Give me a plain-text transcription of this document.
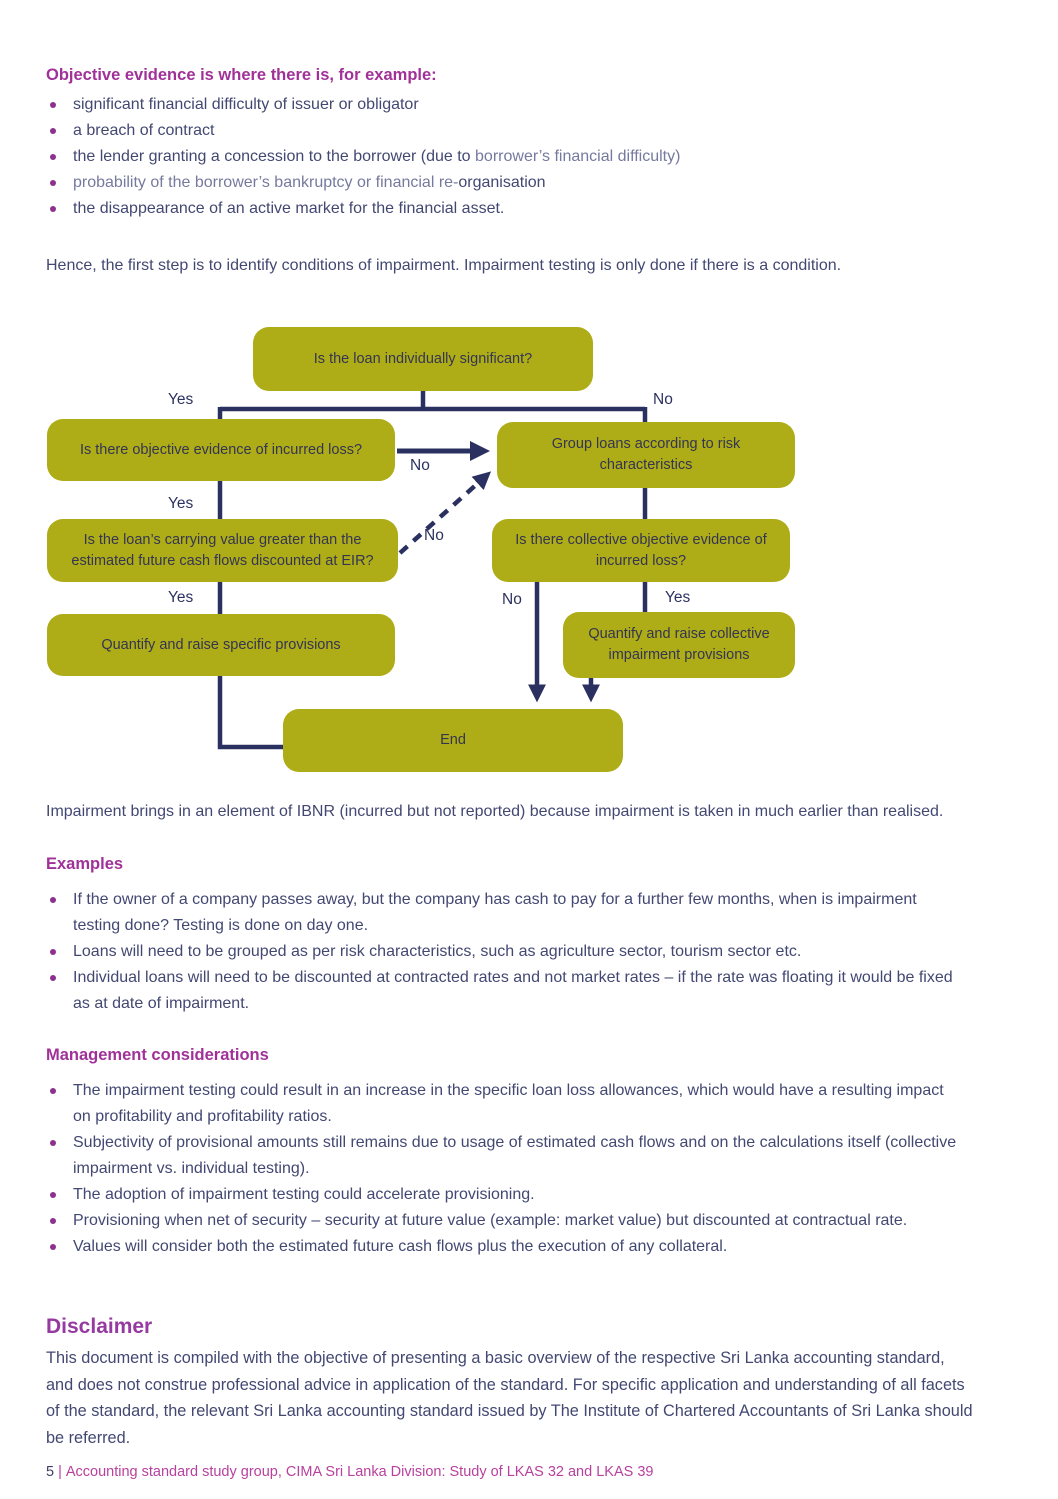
Objective evidence is where there is, for example:
significant financial difficulty of issuer or obligator
a breach of contract
the lender granting a concession to the borrower (due to borrower’s financial difficulty)
probability of the borrower’s bankruptcy or financial re-organisation
the disappearance of an active market for the financial asset.

Hence, the first step is to identify conditions of impairment. Impairment testing is only done if there is a condition.

Is the loan individually significant?
Is there objective evidence of incurred loss?	Group loans according to risk characteristics
Is the loan’s carrying value greater than the estimated future cash flows discounted at EIR?
Is there collective objective evidence of incurred loss?
Quantify and raise specific provisions
Quantify and raise collective impairment provisions
End
Yes	No
No
Yes
No
Yes	No	Yes

Impairment brings in an element of IBNR (incurred but not reported) because impairment is taken in much earlier than realised.

Examples
If the owner of a company passes away, but the company has cash to pay for a further few months, when is impairment testing done? Testing is done on day one.
Loans will need to be grouped as per risk characteristics, such as agriculture sector, tourism sector etc.
Individual loans will need to be discounted at contracted rates and not market rates – if the rate was floating it would be fixed as at date of impairment.
Management considerations
The impairment testing could result in an increase in the specific loan loss allowances, which would have a resulting impact on profitability and profitability ratios.
Subjectivity of provisional amounts still remains due to usage of estimated cash flows and on the calculations itself (collective impairment vs. individual testing).
The adoption of impairment testing could accelerate provisioning.
Provisioning when net of security – security at future value (example: market value) but discounted at contractual rate.
Values will consider both the estimated future cash flows plus the execution of any collateral.
Disclaimer

This document is compiled with the objective of presenting a basic overview of the respective Sri Lanka accounting standard, and does not construe professional advice in application of the standard. For specific application and understanding of all facets of the standard, the relevant Sri Lanka accounting standard issued by The Institute of Chartered Accountants of Sri Lanka should be referred.

5 | Accounting standard study group, CIMA Sri Lanka Division: Study of LKAS 32 and LKAS 39
